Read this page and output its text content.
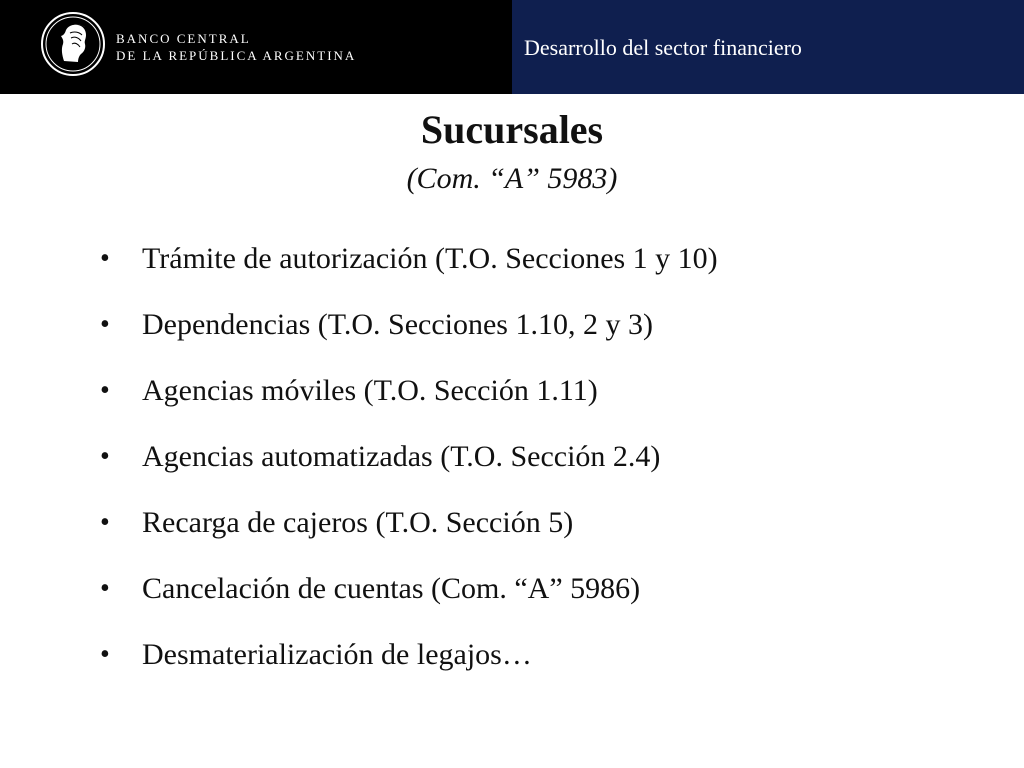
BANCO CENTRAL
DE LA REPÚBLICA ARGENTINA	Desarrollo del sector financiero
Sucursales
(Com. “A” 5983)
•	Trámite de autorización (T.O. Secciones 1 y 10)
•	Dependencias (T.O. Secciones 1.10, 2 y 3)
•	Agencias móviles (T.O. Sección 1.11)
•	Agencias automatizadas (T.O. Sección 2.4)
•	Recarga de cajeros (T.O. Sección 5)
•	Cancelación de cuentas (Com. “A” 5986)
•	Desmaterialización de legajos…
